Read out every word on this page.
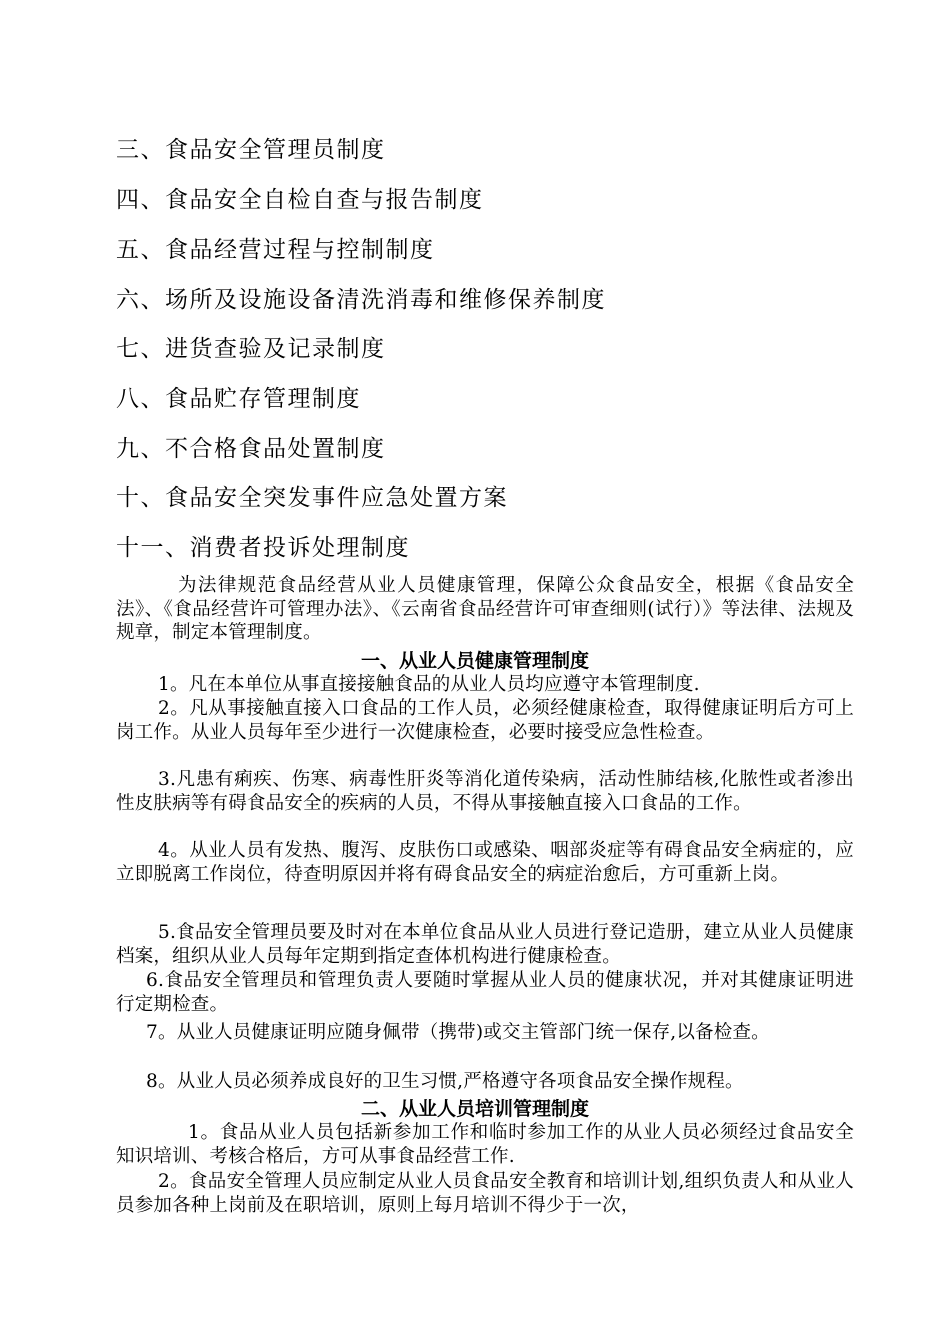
三、食品安全管理员制度
四、食品安全自检自查与报告制度
五、食品经营过程与控制制度
六、场所及设施设备清洗消毒和维修保养制度
七、进货查验及记录制度
八、食品贮存管理制度
九、不合格食品处置制度
十、食品安全突发事件应急处置方案
十一、消费者投诉处理制度

为法律规范食品经营从业人员健康管理，保障公众食品安全，根据《食品安全法》、《食品经营许可管理办法》、《云南省食品经营许可审查细则(试行）》等法律、法规及规章，制定本管理制度。

一、从业人员健康管理制度

1。凡在本单位从事直接接触食品的从业人员均应遵守本管理制度.

2。凡从事接触直接入口食品的工作人员，必须经健康检查，取得健康证明后方可上岗工作。从业人员每年至少进行一次健康检查，必要时接受应急性检查。

3.凡患有痢疾、伤寒、病毒性肝炎等消化道传染病，活动性肺结核,化脓性或者渗出性皮肤病等有碍食品安全的疾病的人员，不得从事接触直接入口食品的工作。

4。从业人员有发热、腹泻、皮肤伤口或感染、咽部炎症等有碍食品安全病症的，应立即脱离工作岗位，待查明原因并将有碍食品安全的病症治愈后，方可重新上岗。

5.食品安全管理员要及时对在本单位食品从业人员进行登记造册，建立从业人员健康档案，组织从业人员每年定期到指定查体机构进行健康检查。

6.食品安全管理员和管理负责人要随时掌握从业人员的健康状况，并对其健康证明进行定期检查。

7。从业人员健康证明应随身佩带（携带)或交主管部门统一保存,以备检查。

8。从业人员必须养成良好的卫生习惯,严格遵守各项食品安全操作规程。

二、从业人员培训管理制度

1。食品从业人员包括新参加工作和临时参加工作的从业人员必须经过食品安全知识培训、考核合格后，方可从事食品经营工作.

2。食品安全管理人员应制定从业人员食品安全教育和培训计划,组织负责人和从业人员参加各种上岗前及在职培训，原则上每月培训不得少于一次，
